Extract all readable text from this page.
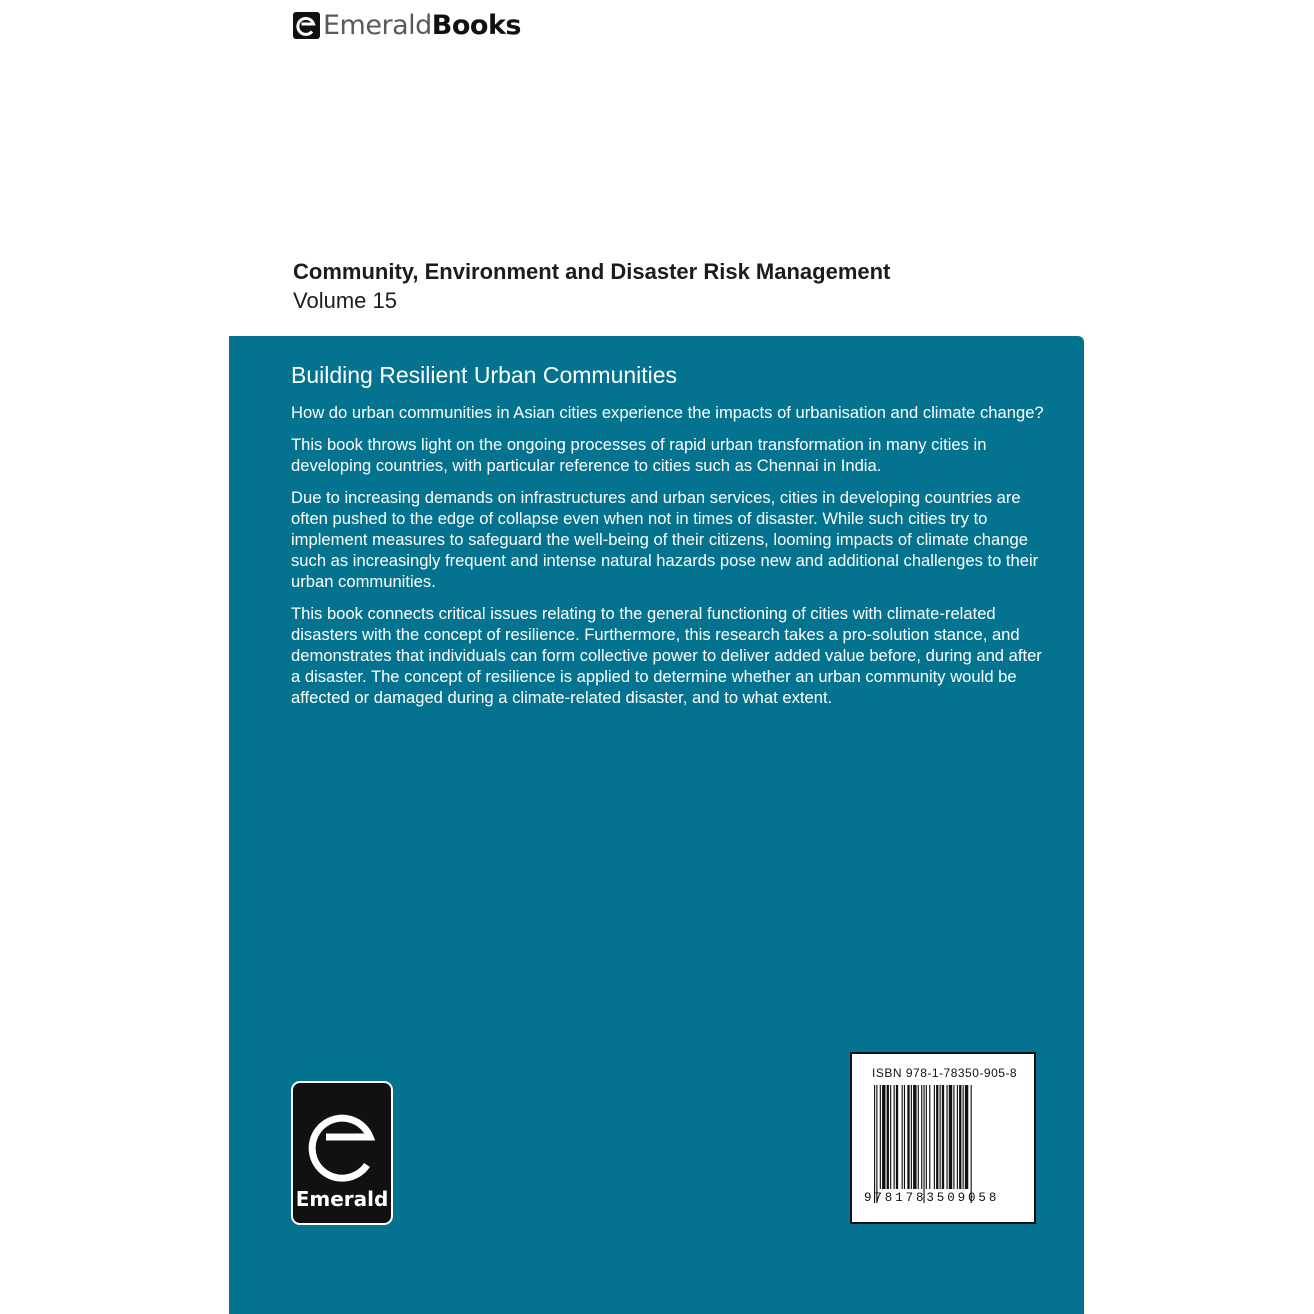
Emerald Books
Community, Environment and Disaster Risk Management
Volume 15
Building Resilient Urban Communities

How do urban communities in Asian cities experience the impacts of urbanisation and climate change?

This book throws light on the ongoing processes of rapid urban transformation in many cities in developing countries, with particular reference to cities such as Chennai in India.

Due to increasing demands on infrastructures and urban services, cities in developing countries are often pushed to the edge of collapse even when not in times of disaster. While such cities try to implement measures to safeguard the well-being of their citizens, looming impacts of climate change such as increasingly frequent and intense natural hazards pose new and additional challenges to their urban communities.

This book connects critical issues relating to the general functioning of cities with climate-related disasters with the concept of resilience. Furthermore, this research takes a pro-solution stance, and demonstrates that individuals can form collective power to deliver added value before, during and after a disaster. The concept of resilience is applied to determine whether an urban community would be affected or damaged during a climate-related disaster, and to what extent.

Emerald
ISBN 978-1-78350-905-8
9781783509058
